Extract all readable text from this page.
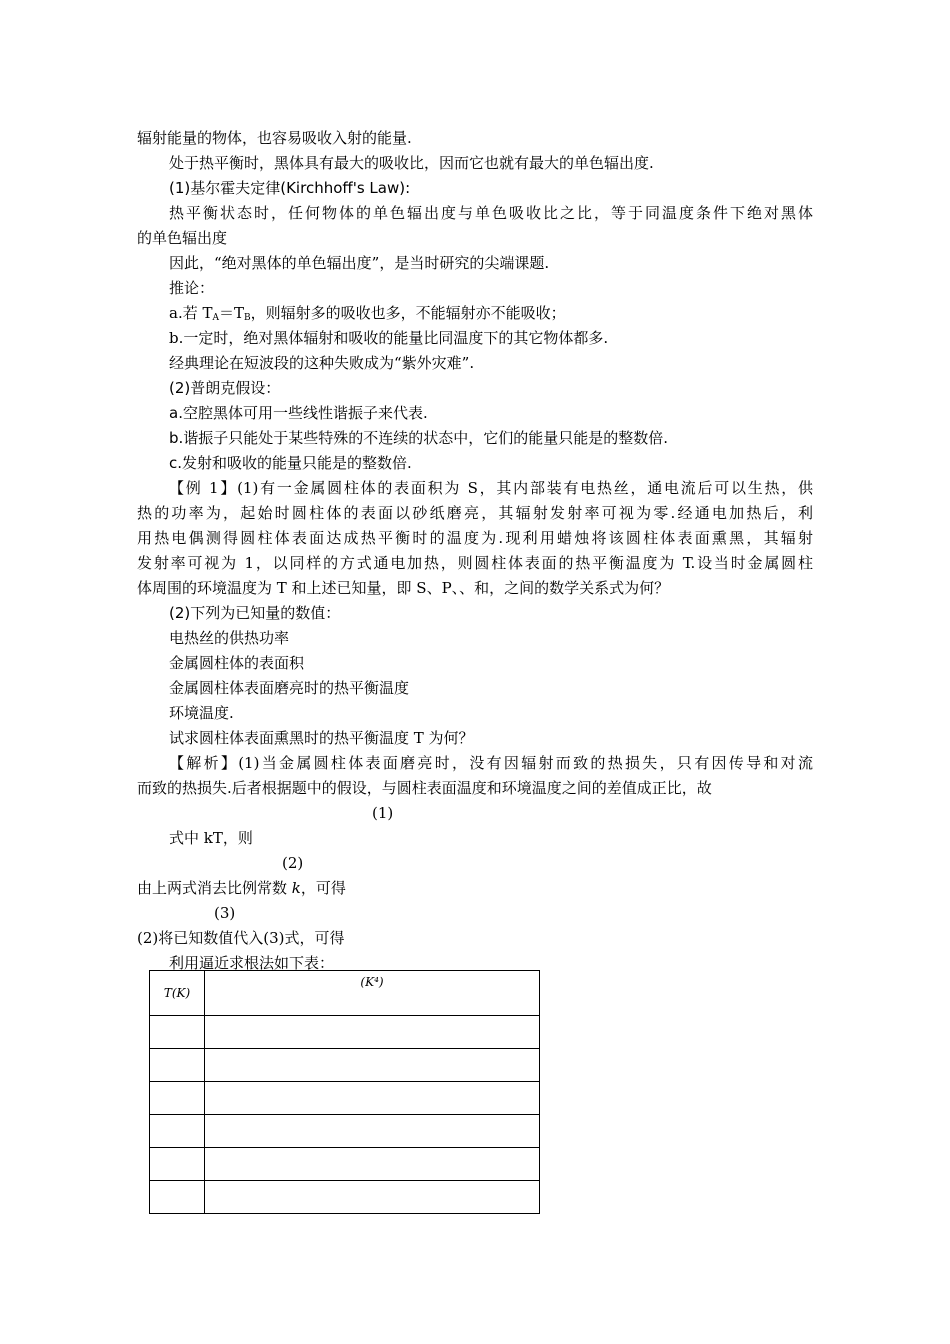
辐射能量的物体，也容易吸收入射的能量.
处于热平衡时，黑体具有最大的吸收比，因而它也就有最大的单色辐出度.
(1)基尔霍夫定律(Kirchhoff's Law):
热平衡状态时，任何物体的单色辐出度与单色吸收比之比，等于同温度条件下绝对黑体
的单色辐出度
因此，“绝对黑体的单色辐出度”，是当时研究的尖端课题.
推论：
a.若 $T_A=T_B$，则辐射多的吸收也多，不能辐射亦不能吸收；
b.一定时，绝对黑体辐射和吸收的能量比同温度下的其它物体都多.
经典理论在短波段的这种失败成为“紫外灾难”.
(2)普朗克假设：
a.空腔黑体可用一些线性谐振子来代表.
b.谐振子只能处于某些特殊的不连续的状态中，它们的能量只能是的整数倍.
c.发射和吸收的能量只能是的整数倍.
【例 1】(1)有一金属圆柱体的表面积为 S，其内部装有电热丝，通电流后可以生热，供
热的功率为，起始时圆柱体的表面以砂纸磨亮，其辐射发射率可视为零.经通电加热后，利
用热电偶测得圆柱体表面达成热平衡时的温度为.现利用蜡烛将该圆柱体表面熏黑，其辐射
发射率可视为 1，以同样的方式通电加热，则圆柱体表面的热平衡温度为 T.设当时金属圆柱
体周围的环境温度为 T 和上述已知量，即 S、P、、和，之间的数学关系式为何？
(2)下列为已知量的数值：
电热丝的供热功率
金属圆柱体的表面积
金属圆柱体表面磨亮时的热平衡温度
环境温度.
试求圆柱体表面熏黑时的热平衡温度 T 为何？
【解析】(1)当金属圆柱体表面磨亮时，没有因辐射而致的热损失，只有因传导和对流
而致的热损失.后者根据题中的假设，与圆柱表面温度和环境温度之间的差值成正比，故
(1)
式中 kT，则
(2)
由上两式消去比例常数 k，可得
(3)
(2)将已知数值代入(3)式，可得
利用逼近求根法如下表：
T(K)	(K⁴)
